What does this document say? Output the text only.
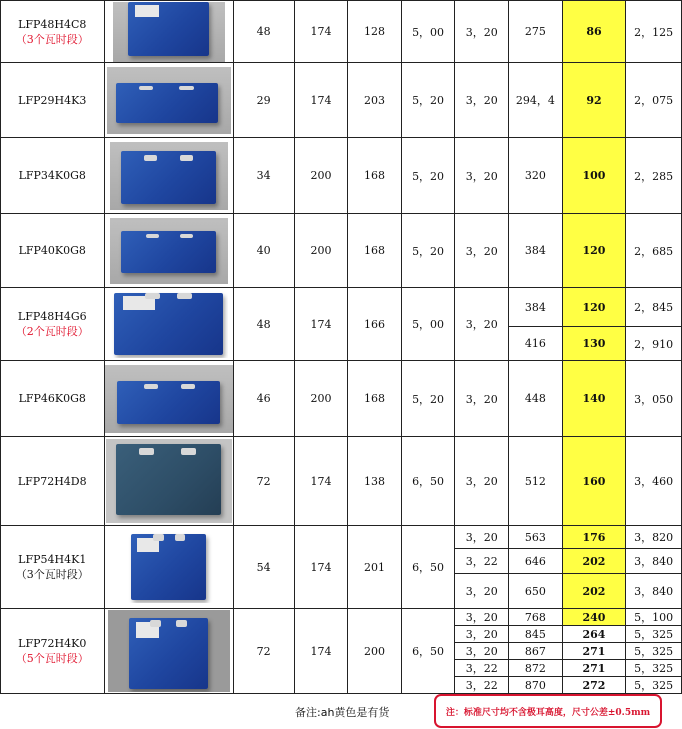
LFP48H4C8
（3个瓦时段）		48	174	128	5，00	3，20	275	86	2，125

LFP29H4K3		29	174	203	5，20	3，20	294，4	92	2，075

LFP34K0G8		34	200	168	5，20	3，20	320	100	2，285

LFP40K0G8		40	200	168	5，20	3，20	384	120	2，685

LFP48H4G6
（2个瓦时段）		48	174	166	5，00	3，20	384	120	2，845
							416	130	2，910

LFP46K0G8		46	200	168	5，20	3，20	448	140	3，050

LFP72H4D8		72	174	138	6，50	3，20	512	160	3，460

LFP54H4K1
（3个瓦时段）		54	174	201	6，50	3，20	563	176	3，820
						3，22	646	202	3，840
						3，20	650	202	3，840

LFP72H4K0
（5个瓦时段）		72	174	200	6，50	3，20	768	240	5，100
						3，20	845	264	5，325
						3，20	867	271	5，325
						3，22	872	271	5，325
						3，22	870	272	5，325
备注:ah黄色是有货	注：标准尺寸均不含极耳高度，尺寸公差±0.5mm
